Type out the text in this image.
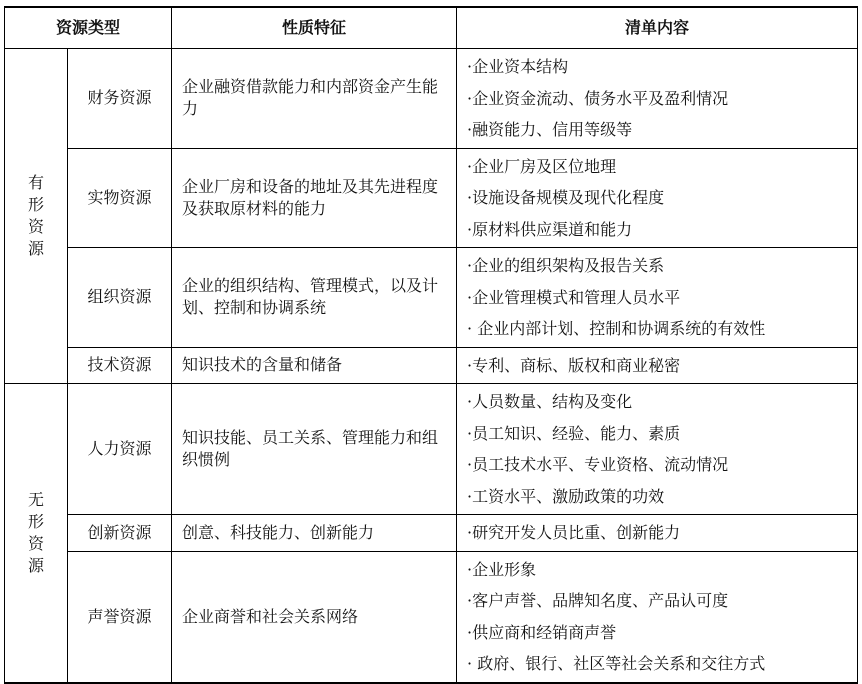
资源类型		性质特征	清单内容

有形资源	财务资源	企业融资借款能力和内部资金产生能力	·企业资本结构
·企业资金流动、债务水平及盈利情况
·融资能力、信用等级等

	实物资源	企业厂房和设备的地址及其先进程度及获取原材料的能力	·企业厂房及区位地理
·设施设备规模及现代化程度
·原材料供应渠道和能力

	组织资源	企业的组织结构、管理模式，以及计划、控制和协调系统	·企业的组织架构及报告关系
·企业管理模式和管理人员水平
· 企业内部计划、控制和协调系统的有效性

	技术资源	知识技术的含量和储备	·专利、商标、版权和商业秘密

无形资源	人力资源	知识技能、员工关系、管理能力和组织惯例	·人员数量、结构及变化
·员工知识、经验、能力、素质
·员工技术水平、专业资格、流动情况
·工资水平、激励政策的功效

	创新资源	创意、科技能力、创新能力	·研究开发人员比重、创新能力

	声誉资源	企业商誉和社会关系网络	·企业形象
·客户声誉、品牌知名度、产品认可度
·供应商和经销商声誉
· 政府、银行、社区等社会关系和交往方式
